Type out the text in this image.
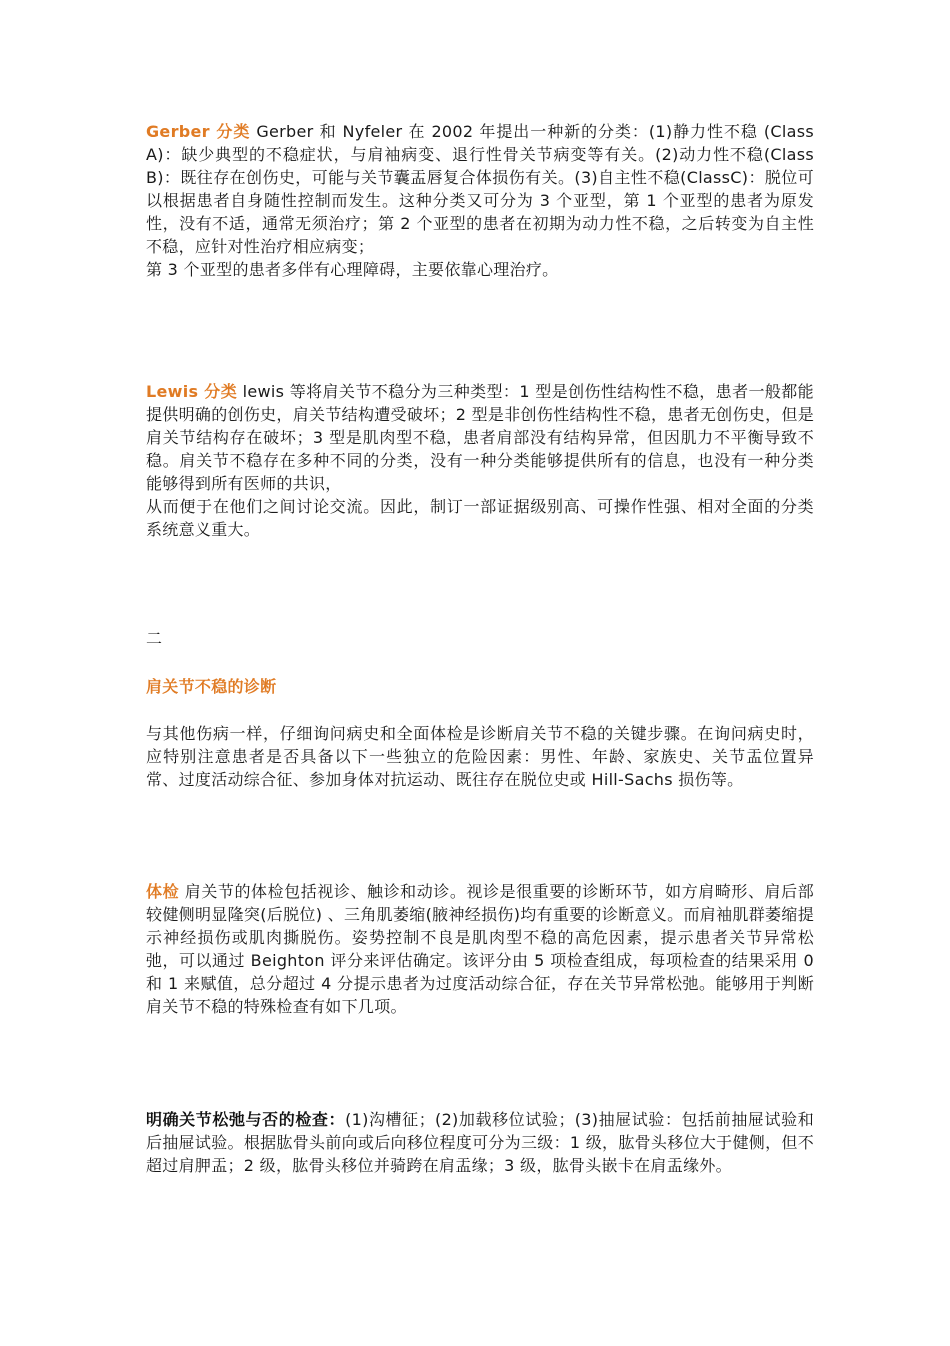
Gerber 分类 Gerber 和 Nyfeler 在 2002 年提出一种新的分类：(1)静力性不稳 (Class A)：缺少典型的不稳症状，与肩袖病变、退行性骨关节病变等有关。(2)动力性不稳(Class B)：既往存在创伤史，可能与关节囊盂唇复合体损伤有关。(3)自主性不稳(ClassC)：脱位可以根据患者自身随性控制而发生。这种分类又可分为 3 个亚型，第 1 个亚型的患者为原发性，没有不适，通常无须治疗；第 2 个亚型的患者在初期为动力性不稳，之后转变为自主性不稳，应针对性治疗相应病变；

第 3 个亚型的患者多伴有心理障碍，主要依靠心理治疗。

Lewis 分类 lewis 等将肩关节不稳分为三种类型：1 型是创伤性结构性不稳，患者一般都能提供明确的创伤史，肩关节结构遭受破坏；2 型是非创伤性结构性不稳，患者无创伤史，但是肩关节结构存在破坏；3 型是肌肉型不稳，患者肩部没有结构异常，但因肌力不平衡导致不稳。肩关节不稳存在多种不同的分类，没有一种分类能够提供所有的信息，也没有一种分类能够得到所有医师的共识，

从而便于在他们之间讨论交流。因此，制订一部证据级别高、可操作性强、相对全面的分类系统意义重大。

二

肩关节不稳的诊断

与其他伤病一样，仔细询问病史和全面体检是诊断肩关节不稳的关键步骤。在询问病史时，应特别注意患者是否具备以下一些独立的危险因素：男性、年龄、家族史、关节盂位置异常、过度活动综合征、参加身体对抗运动、既往存在脱位史或 Hill-Sachs 损伤等。

体检 肩关节的体检包括视诊、触诊和动诊。视诊是很重要的诊断环节，如方肩畸形、肩后部较健侧明显隆突(后脱位) 、三角肌萎缩(腋神经损伤)均有重要的诊断意义。而肩袖肌群萎缩提示神经损伤或肌肉撕脱伤。姿势控制不良是肌肉型不稳的高危因素，提示患者关节异常松弛，可以通过 Beighton 评分来评估确定。该评分由 5 项检查组成，每项检查的结果采用 0 和 1 来赋值，总分超过 4 分提示患者为过度活动综合征，存在关节异常松弛。能够用于判断肩关节不稳的特殊检查有如下几项。

明确关节松弛与否的检查：(1)沟槽征；(2)加载移位试验；(3)抽屉试验：包括前抽屉试验和后抽屉试验。根据肱骨头前向或后向移位程度可分为三级：1 级，肱骨头移位大于健侧，但不超过肩胛盂；2 级，肱骨头移位并骑跨在肩盂缘；3 级，肱骨头嵌卡在肩盂缘外。
